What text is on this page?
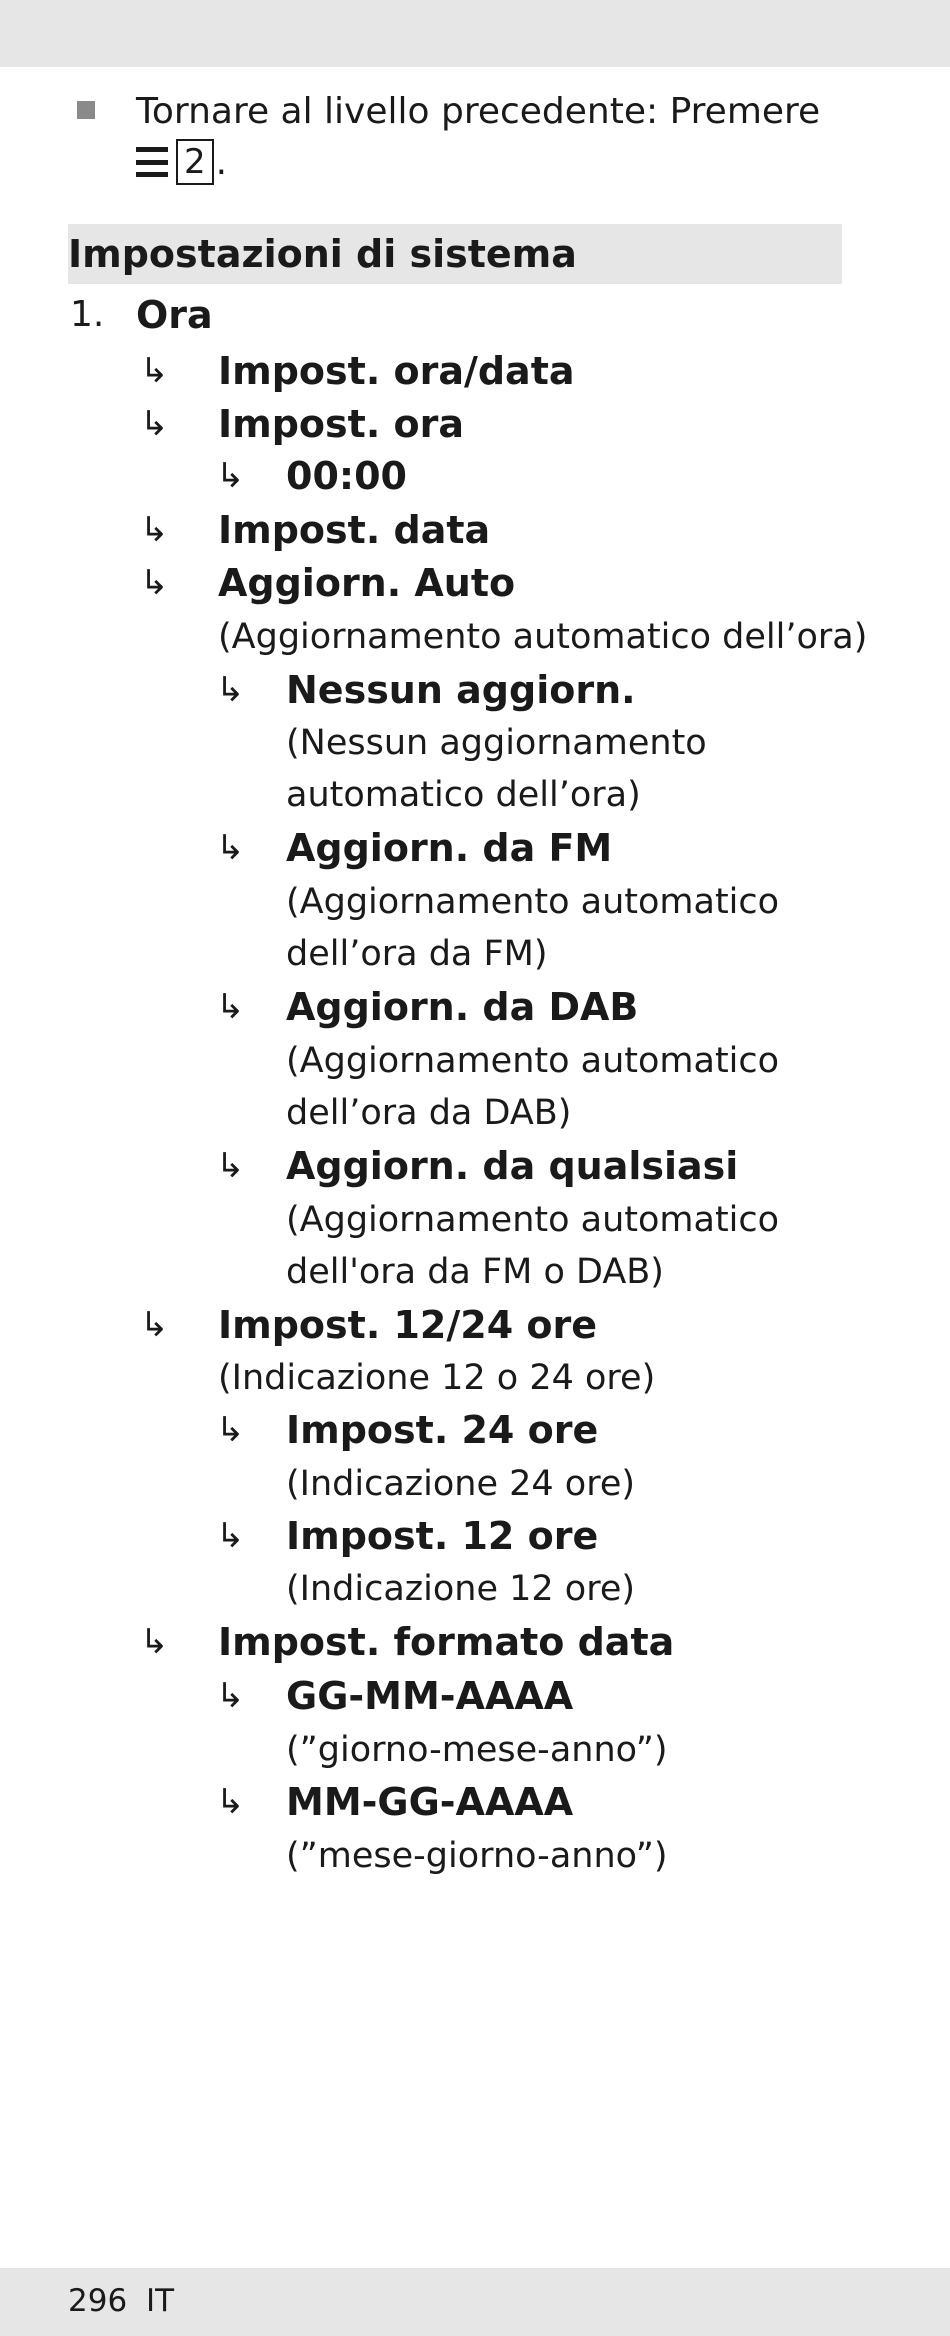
Tornare al livello precedente: Premere
2 .
Impostazioni di sistema
1. Ora
↳ Impost. ora/data
↳ Impost. ora
↳ 00:00
↳ Impost. data
↳ Aggiorn. Auto
(Aggiornamento automatico dell’ora)
↳ Nessun aggiorn.
(Nessun aggiornamento
automatico dell’ora)
↳ Aggiorn. da FM
(Aggiornamento automatico
dell’ora da FM)
↳ Aggiorn. da DAB
(Aggiornamento automatico
dell’ora da DAB)
↳ Aggiorn. da qualsiasi
(Aggiornamento automatico
dell'ora da FM o DAB)
↳ Impost. 12/24 ore
(Indicazione 12 o 24 ore)
↳ Impost. 24 ore
(Indicazione 24 ore)
↳ Impost. 12 ore
(Indicazione 12 ore)
↳ Impost. formato data
↳ GG-MM-AAAA
(”giorno-mese-anno”)
↳ MM-GG-AAAA
(”mese-giorno-anno”)
296 IT
